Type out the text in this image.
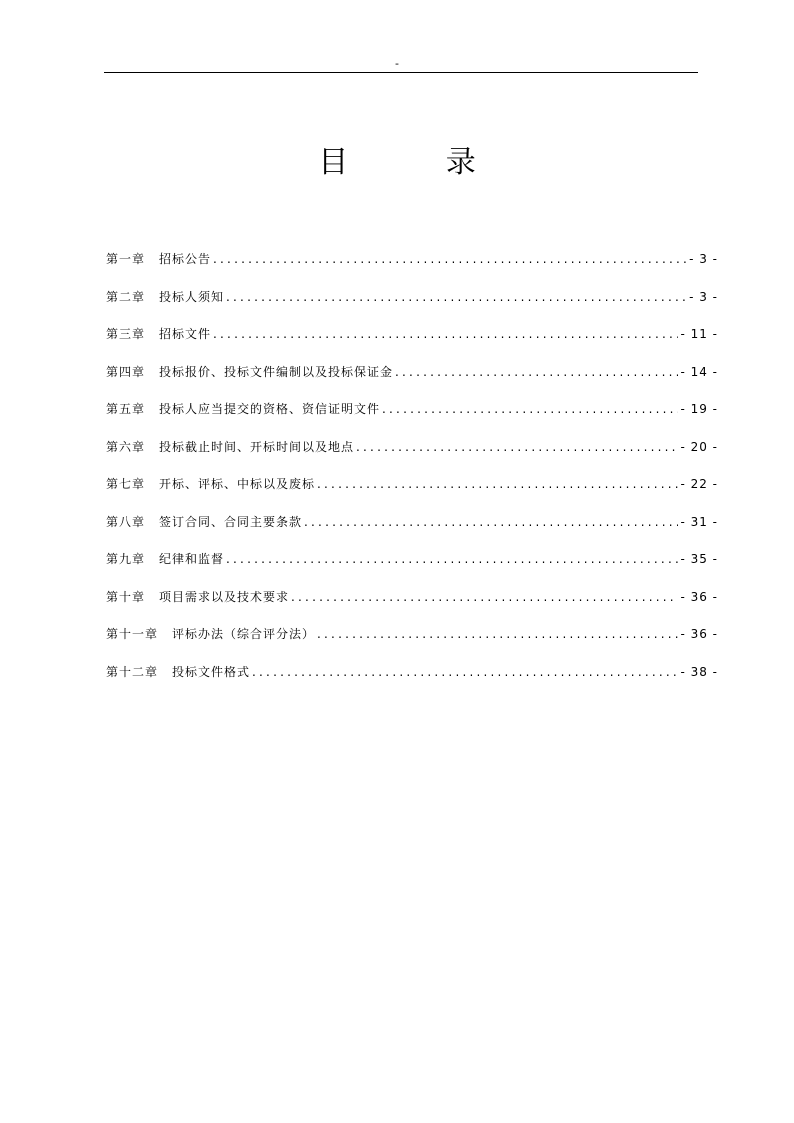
-
目 录
第一章 招标公告 .....	- 3 -
第二章 投标人须知 .....	- 3 -
第三章 招标文件 .....	- 11 -
第四章 投标报价、投标文件编制以及投标保证金 .....	- 14 -
第五章 投标人应当提交的资格、资信证明文件 .....	- 19 -
第六章 投标截止时间、开标时间以及地点 .....	- 20 -
第七章 开标、评标、中标以及废标 .....	- 22 -
第八章 签订合同、合同主要条款 .....	- 31 -
第九章 纪律和监督 .....	- 35 -
第十章 项目需求以及技术要求 .....	- 36 -
第十一章 评标办法（综合评分法） .....	- 36 -
第十二章 投标文件格式 .....	- 38 -
